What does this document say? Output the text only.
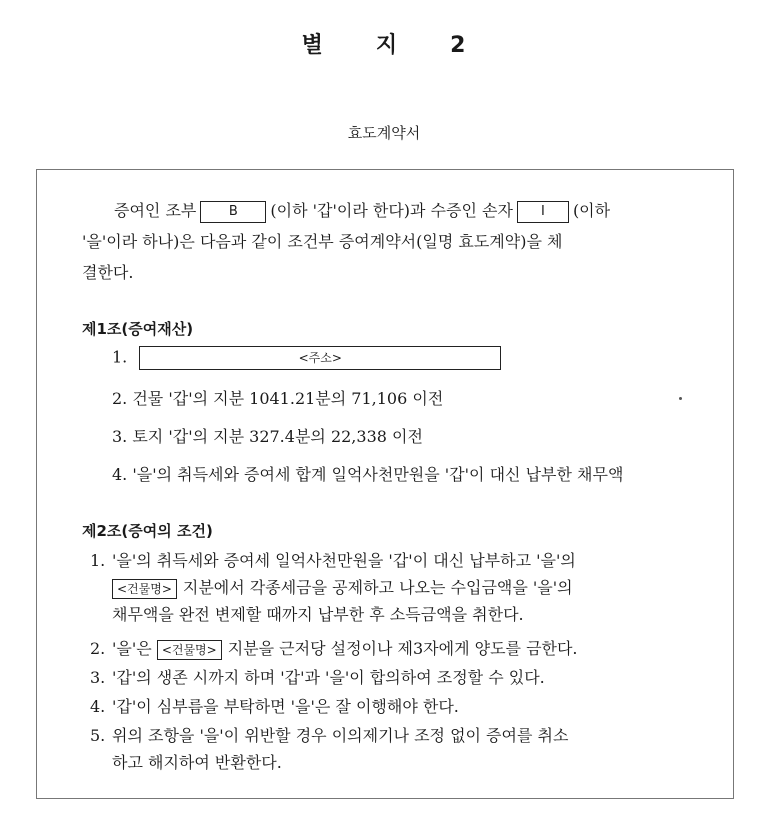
별 지 2
효도계약서

증여인 조부	B (이하 '갑'이라 한다)과 수증인 손자 I (이하
'을'이라 하나)은 다음과 같이 조건부 증여계약서(일명 효도계약)을 체
결한다.

제1조(증여재산)
1.	<주소>
2. 건물 '갑'의 지분 1041.21분의 71,106 이전
3. 토지 '갑'의 지분 327.4분의 22,338 이전
4. '을'의 취득세와 증여세 합계 일억사천만원을 '갑'이 대신 납부한 채무액
제2조(증여의 조건)

1. '을'의 취득세와 증여세 일억사천만원을 '갑'이 대신 납부하고 '을'의
<건물명> 지분에서 각종세금을 공제하고 나오는 수입금액을 '을'의
채무액을 완전 변제할 때까지 납부한 후 소득금액을 취한다.

2. '을'은 <건물명> 지분을 근저당 설정이나 제3자에게 양도를 금한다.

3. '갑'의 생존 시까지 하며 '갑'과 '을'이 합의하여 조정할 수 있다.

4. '갑'이 심부름을 부탁하면 '을'은 잘 이행해야 한다.

5. 위의 조항을 '을'이 위반할 경우 이의제기나 조정 없이 증여를 취소
하고 해지하여 반환한다.
